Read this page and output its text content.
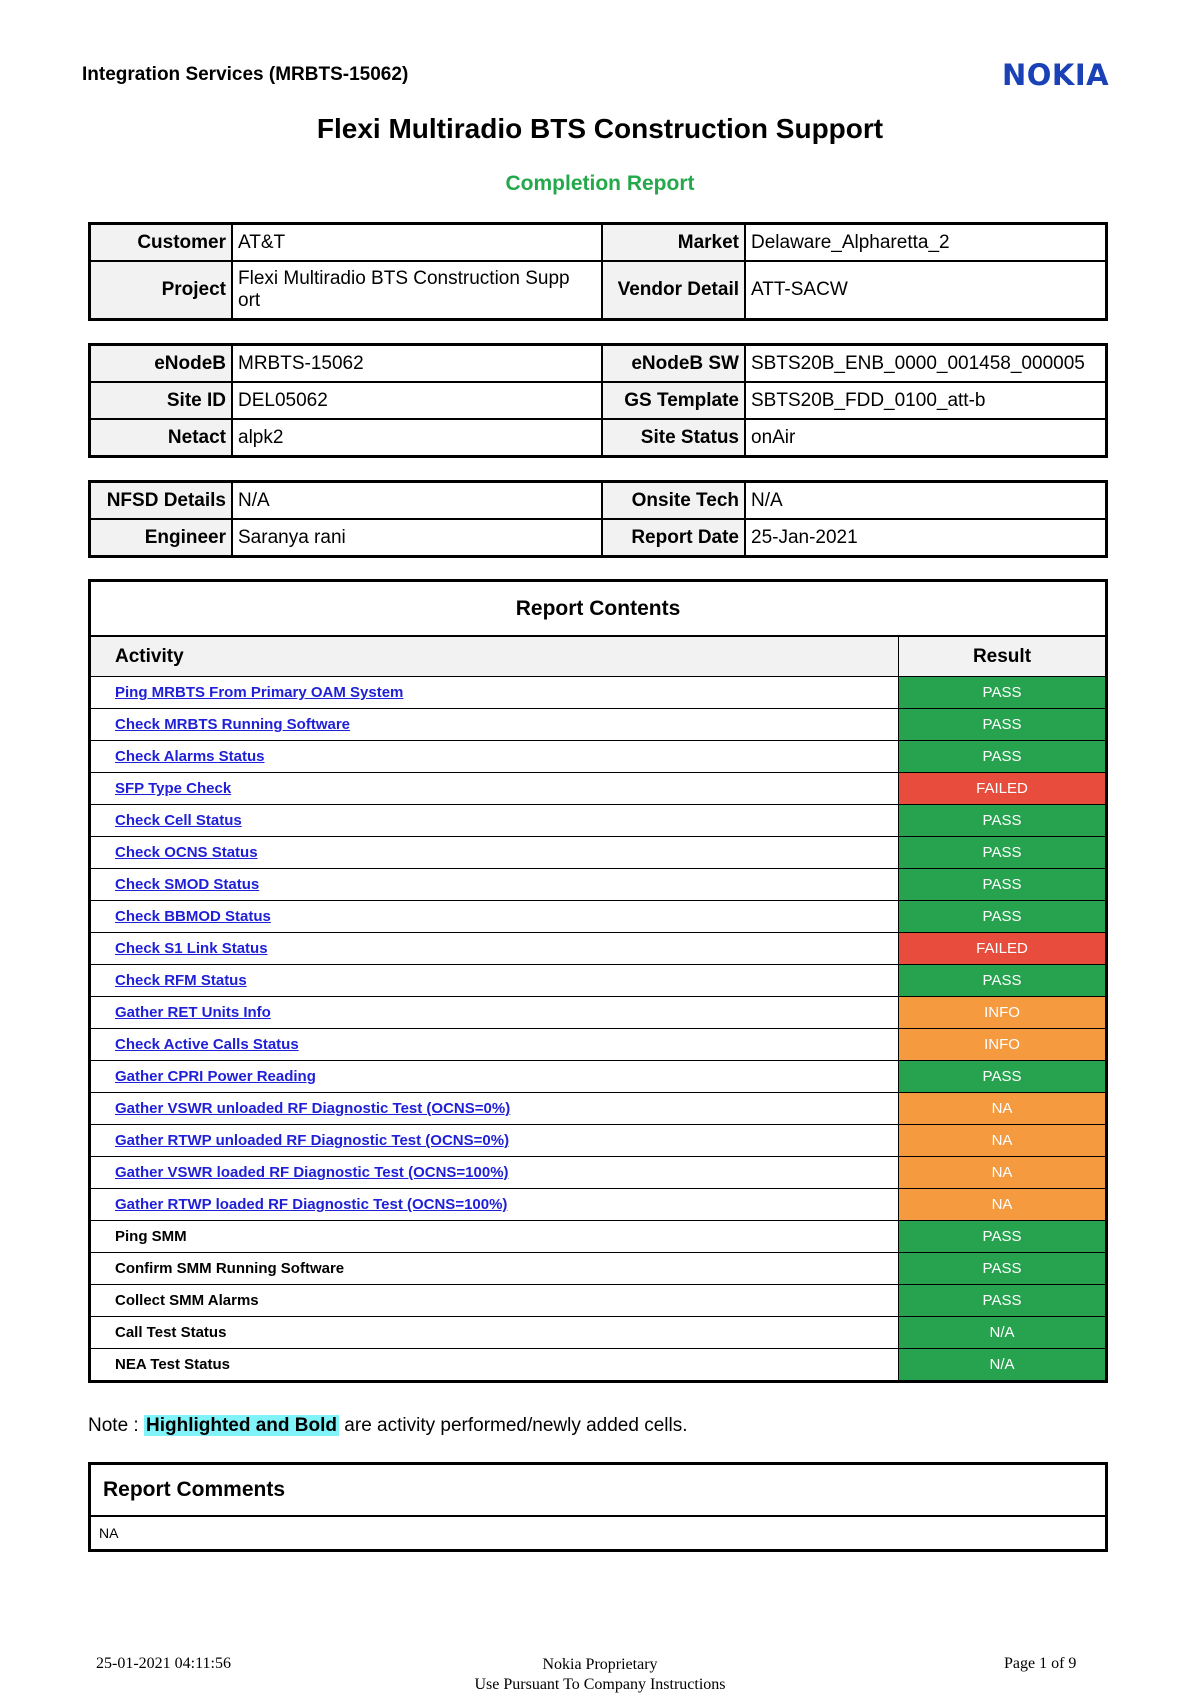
Integration Services (MRBTS-15062)	NOKIA
Flexi Multiradio BTS Construction Support
Completion Report
Customer	AT&T	Market	Delaware_Alpharetta_2
Project	Flexi Multiradio BTS Construction Supp ort	Vendor Detail	ATT-SACW
eNodeB	MRBTS-15062	eNodeB SW	SBTS20B_ENB_0000_001458_000005
Site ID	DEL05062	GS Template	SBTS20B_FDD_0100_att-b
Netact	alpk2	Site Status	onAir
NFSD Details	N/A	Onsite Tech	N/A
Engineer	Saranya rani	Report Date	25-Jan-2021
Report Contents
Activity	Result
Ping MRBTS From Primary OAM System	PASS
Check MRBTS Running Software	PASS
Check Alarms Status	PASS
SFP Type Check	FAILED
Check Cell Status	PASS
Check OCNS Status	PASS
Check SMOD Status	PASS
Check BBMOD Status	PASS
Check S1 Link Status	FAILED
Check RFM Status	PASS
Gather RET Units Info	INFO
Check Active Calls Status	INFO
Gather CPRI Power Reading	PASS
Gather VSWR unloaded RF Diagnostic Test (OCNS=0%)	NA
Gather RTWP unloaded RF Diagnostic Test (OCNS=0%)	NA
Gather VSWR loaded RF Diagnostic Test (OCNS=100%)	NA
Gather RTWP loaded RF Diagnostic Test (OCNS=100%)	NA
Ping SMM	PASS
Confirm SMM Running Software	PASS
Collect SMM Alarms	PASS
Call Test Status	N/A
NEA Test Status	N/A
Note : Highlighted and Bold are activity performed/newly added cells.
Report Comments
NA
25-01-2021 04:11:56	Nokia Proprietary
Use Pursuant To Company Instructions
Page 1 of 9
